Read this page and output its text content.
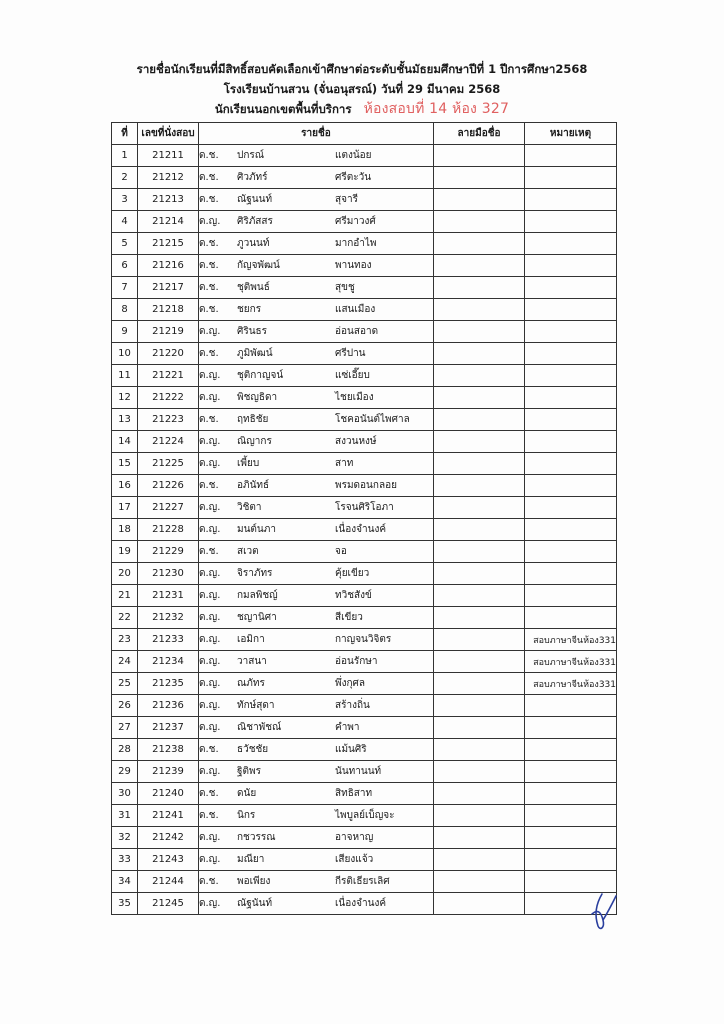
รายชื่อนักเรียนที่มีสิทธิ์สอบคัดเลือกเข้าศึกษาต่อระดับชั้นมัธยมศึกษาปีที่ 1 ปีการศึกษา2568
โรงเรียนบ้านสวน (จั่นอนุสรณ์) วันที่ 29 มีนาคม 2568
นักเรียนนอกเขตพื้นที่บริการ ห้องสอบที่ 14 ห้อง 327
ที่	เลขที่นั่งสอบ	รายชื่อ	ลายมือชื่อ	หมายเหตุ
1	21211	ด.ช. ปกรณ์ แตงน้อย		
2	21212	ด.ช. ศิวภัทร์ ศรีตะวัน		
3	21213	ด.ช. ณัฐนนท์ สุจารี		
4	21214	ด.ญ. ศิริภัสสร ศรีมาวงศ์		
5	21215	ด.ช. ภูวนนท์ มากอำไพ		
6	21216	ด.ช. กัญจพัฒน์ พานทอง		
7	21217	ด.ช. ชุติพนธ์ สุขชู		
8	21218	ด.ช. ชยกร แสนเมือง		
9	21219	ด.ญ. ศิรินธร อ่อนสอาด		
10	21220	ด.ช. ภูมิพัฒน์ ศรีปาน		
11	21221	ด.ญ. ชุติกาญจน์ แซ่เอี๊ยบ		
12	21222	ด.ญ. พิชญธิดา ไชยเมือง		
13	21223	ด.ช. ฤทธิชัย โชคอนันต์ไพศาล		
14	21224	ด.ญ. ณิญากร สงวนหงษ์		
15	21225	ด.ญ. เพี้ยบ สาท		
16	21226	ด.ช. อภินัทธ์ พรมดอนกลอย		
17	21227	ด.ญ. วิชิตา โรจนศิริโอภา		
18	21228	ด.ญ. มนต์นภา เนื่องจำนงค์		
19	21229	ด.ช. สเวต จอ		
20	21230	ด.ญ. จิราภัทร คุ้ยเขียว		
21	21231	ด.ญ. กมลพิชญ์ ทวิชสังข์		
22	21232	ด.ญ. ชญานิศา สีเขียว		
23	21233	ด.ญ. เอมิกา กาญจนวิจิตร		สอบภาษาจีนห้อง331
24	21234	ด.ญ. วาสนา อ่อนรักษา		สอบภาษาจีนห้อง331
25	21235	ด.ญ. ณภัทร พึ่งกุศล		สอบภาษาจีนห้อง331
26	21236	ด.ญ. ทักษ์สุดา สร้างถิ่น		
27	21237	ด.ญ. ณิชาพัชณ์ คำพา		
28	21238	ด.ช. ธวัชชัย แม้นศิริ		
29	21239	ด.ญ. ฐิติพร นันทานนท์		
30	21240	ด.ช. ดนัย สิทธิสาท		
31	21241	ด.ช. นิกร ไพบูลย์เบ็ญจะ		
32	21242	ด.ญ. กชวรรณ อาจหาญ		
33	21243	ด.ญ. มณียา เสียงแจ้ว		
34	21244	ด.ช. พอเพียง กีรติเธียรเลิศ		
35	21245	ด.ญ. ณัฐนันท์ เนื่องจำนงค์		
